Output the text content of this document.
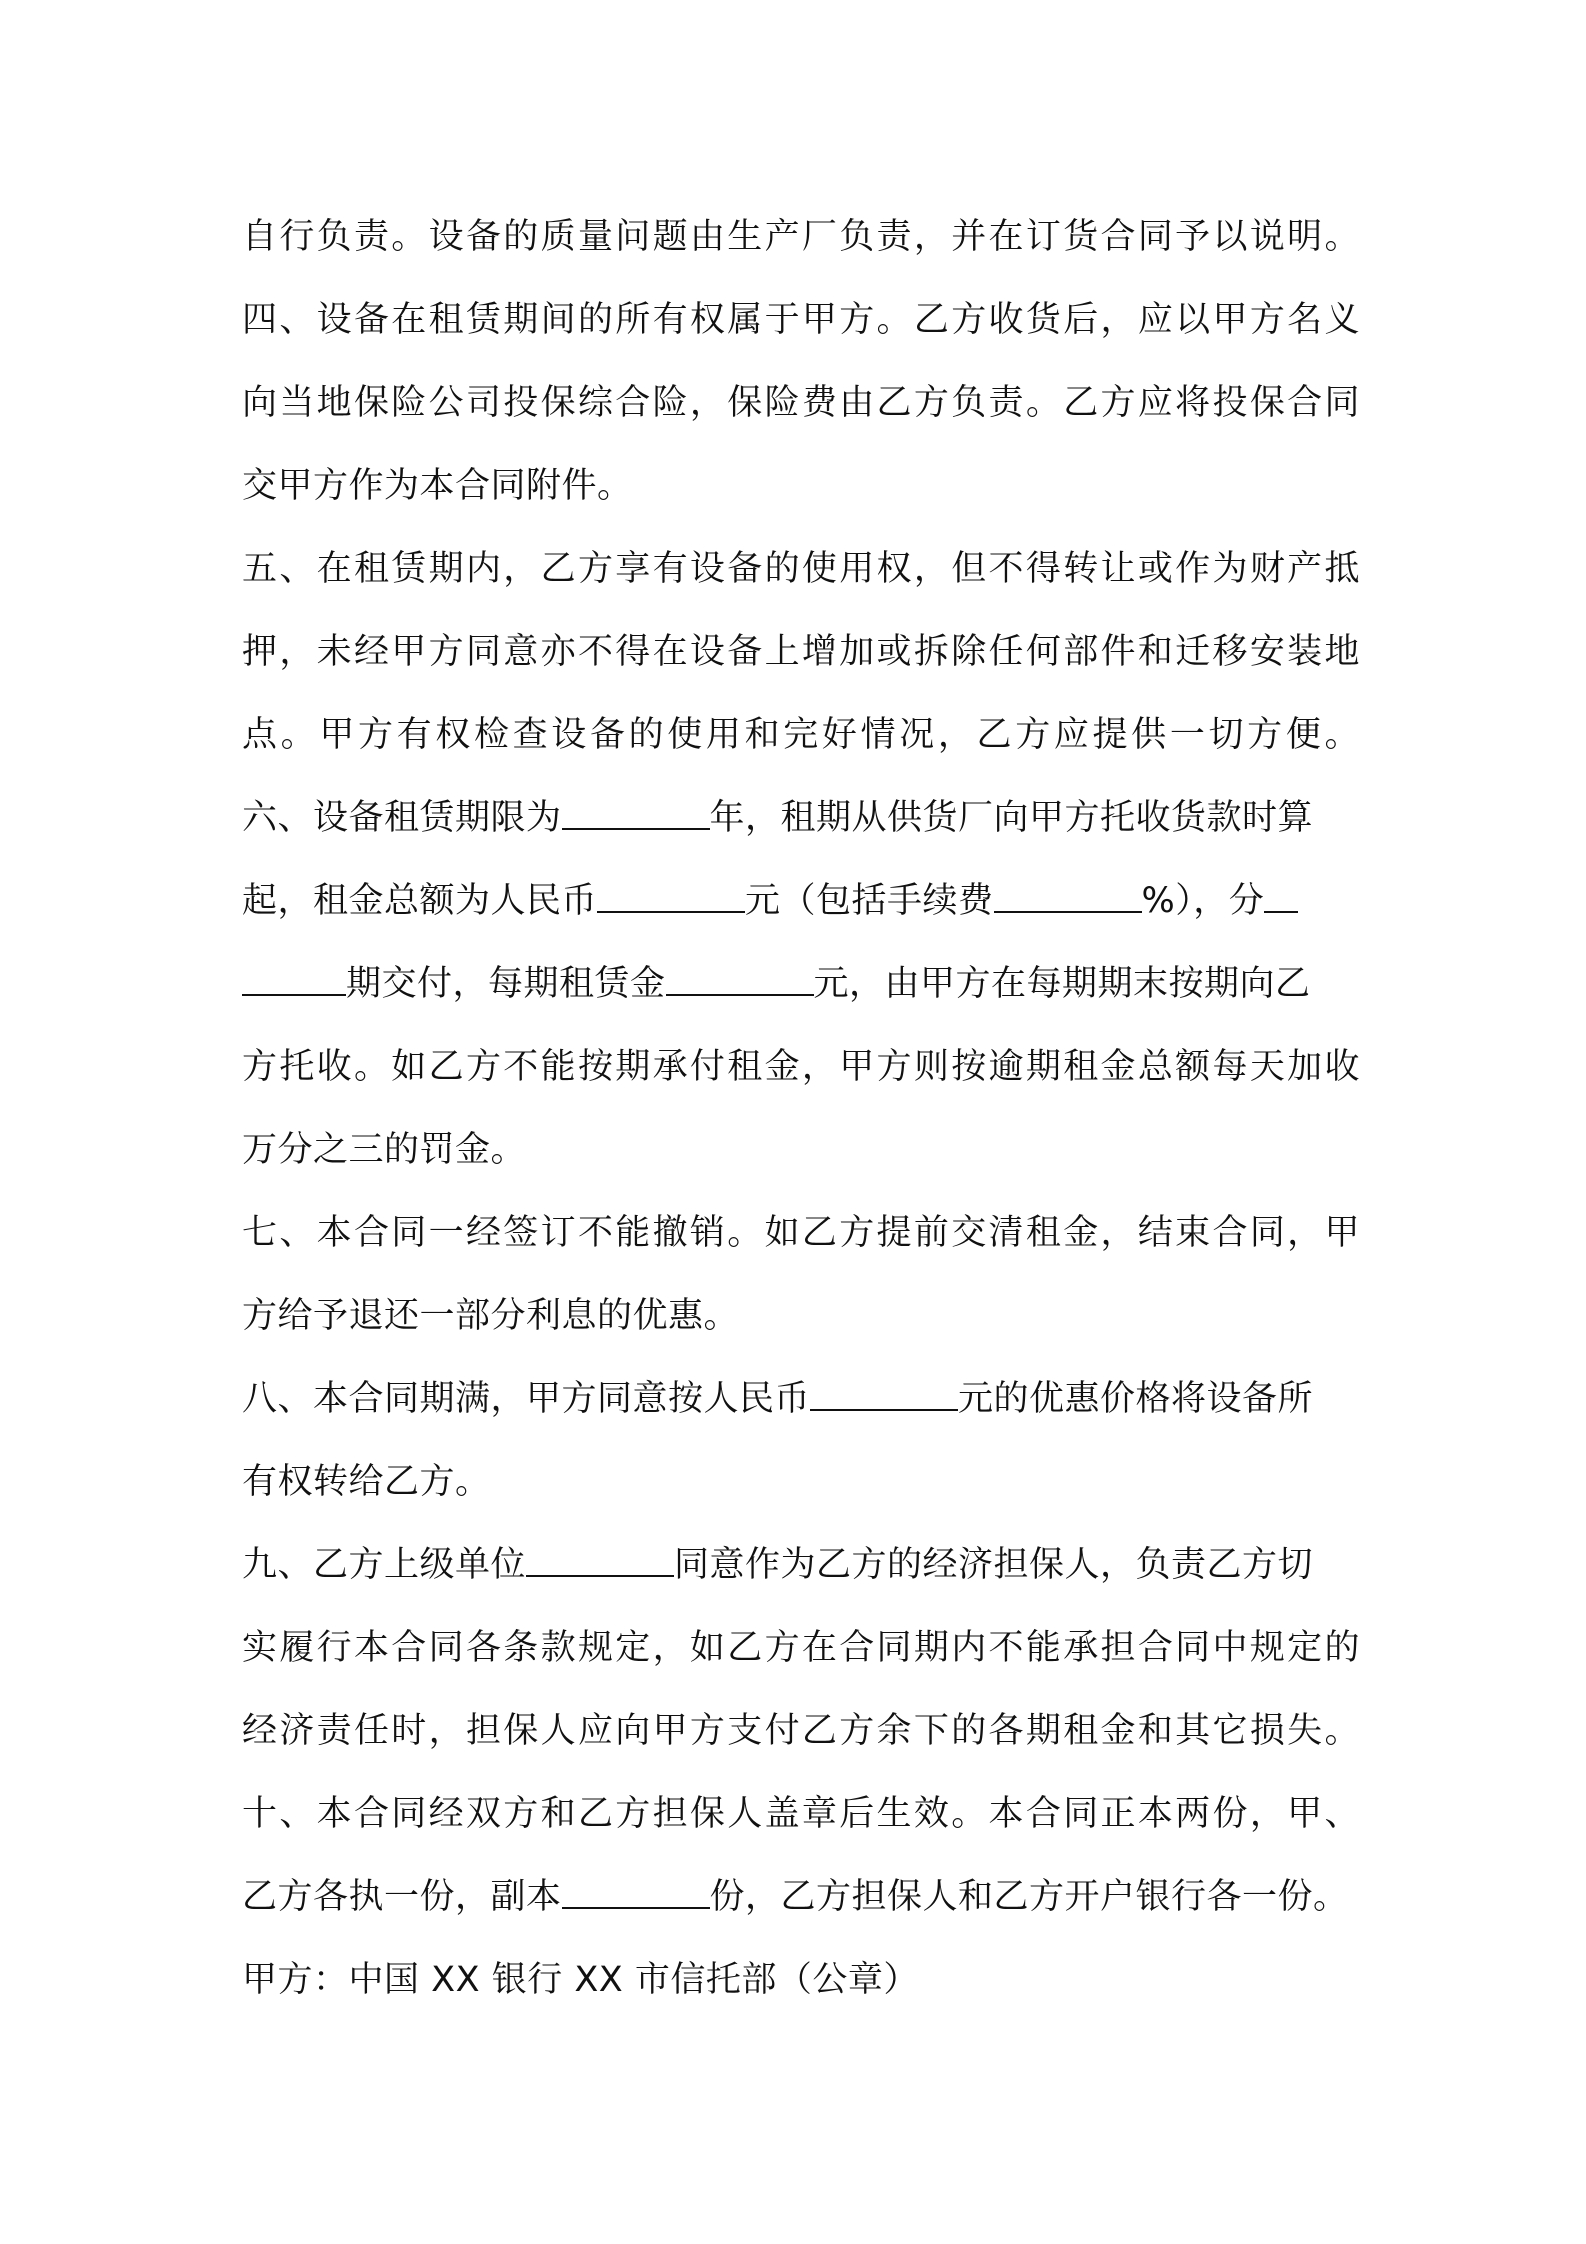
自行负责。设备的质量问题由生产厂负责，并在订货合同予以说明。
四、设备在租赁期间的所有权属于甲方。乙方收货后，应以甲方名义
向当地保险公司投保综合险，保险费由乙方负责。乙方应将投保合同
交甲方作为本合同附件。
五、在租赁期内，乙方享有设备的使用权，但不得转让或作为财产抵
押，未经甲方同意亦不得在设备上增加或拆除任何部件和迁移安装地
点。甲方有权检查设备的使用和完好情况，乙方应提供一切方便。
六、设备租赁期限为	年，租期从供货厂向甲方托收货款时算
起，租金总额为人民币	元（包括手续费	%），分
期交付，每期租赁金	元，由甲方在每期期末按期向乙
方托收。如乙方不能按期承付租金，甲方则按逾期租金总额每天加收
万分之三的罚金。
七、本合同一经签订不能撤销。如乙方提前交清租金，结束合同，甲
方给予退还一部分利息的优惠。
八、本合同期满，甲方同意按人民币	元的优惠价格将设备所
有权转给乙方。
九、乙方上级单位	同意作为乙方的经济担保人，负责乙方切
实履行本合同各条款规定，如乙方在合同期内不能承担合同中规定的
经济责任时，担保人应向甲方支付乙方余下的各期租金和其它损失。
十、本合同经双方和乙方担保人盖章后生效。本合同正本两份，甲、
乙方各执一份，副本	份，乙方担保人和乙方开户银行各一份。
甲方：中国 XX 银行 XX 市信托部（公章）
